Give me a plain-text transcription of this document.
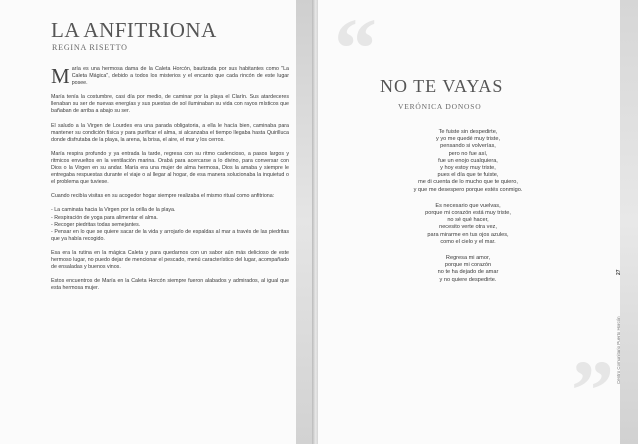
LA ANFITRIONA
REGINA RISETTO

M aría es una hermosa dama de la Caleta Horcón, bautizada por sus habitantes como "La Caleta Mágica", debido a todos los misterios y el encanto que cada rincón de este lugar posee.

María tenía la costumbre, casi día por medio, de caminar por la playa el Clarín. Sus atardeceres llenaban su ser de nuevas energías y sus puestas de sol iluminaban su vida con rayos místicos que bañaban de arriba a abajo su ser.

El saludo a la Virgen de Lourdes era una parada obligatoria, a ella le hacía bien, caminaba para mantener su condición física y para purificar el alma, si alcanzaba el tiempo llegaba hasta Quirilluca donde disfrutaba de la playa, la arena, la brisa, el aire, el mar y los cerros.

María respira profundo y ya entrada la tarde, regresa con su ritmo cadencioso, a pasos largos y ritmicos envueltos en la ventilación marina. Orabá para acercarse a lo divino, para conversar con Dios o la Virgen en su andar. María era una mujer de alma hermosa, Dios la amaba y siempre le entregaba respuestas durante el viaje o al llegar al hogar, de esa manera solucionaba la inquietud o el problema que tuviese.

Cuando recibía visitas en su acogedor hogar siempre realizaba el mismo ritual como anfitriona:

- La caminata hacia la Virgen por la orilla de la playa.
- Respiración de yoga para alimentar el alma.
- Recoger piedritas todas semejantes.
- Pensar en lo que se quiere sacar de la vida y arrojarlo de espaldas al mar a través de las piedritas que ya había recogido.

Esa era la rutina en la mágica Caleta y para quedarnos con un sabor aún más delicioso de este hermoso lugar, no puedo dejar de mencionar el pescado, menú característico del lugar, acompañado de ensaladas y buenos vinos.

Estos encuentros de María en la Caleta Horcón siempre fueron alabados y admirados, al igual que esta hermosa mujer.

“
”
NO TE VAYAS
VERÓNICA DONOSO
Te fuiste sin despedirte,
y yo me quedé muy triste,
pensando si volverías,
pero no fue así,
fue un enojo cualquiera,
y hoy estoy muy triste,
pues el día que te fuiste,
me di cuenta de lo mucho que te quiero,
y que me desespero porque estés conmigo.
Es necesario que vuelvas,
porque mi corazón está muy triste,
no sé qué hacer,
necesito verte otra vez,
para mirarme en tus ojos azules,
como el cielo y el mar.
Regresa mi amor,
porque mi corazón
no te ha dejado de amar
y no quiere despedirte.
27
Centro Comunitario Puerto Horcón
